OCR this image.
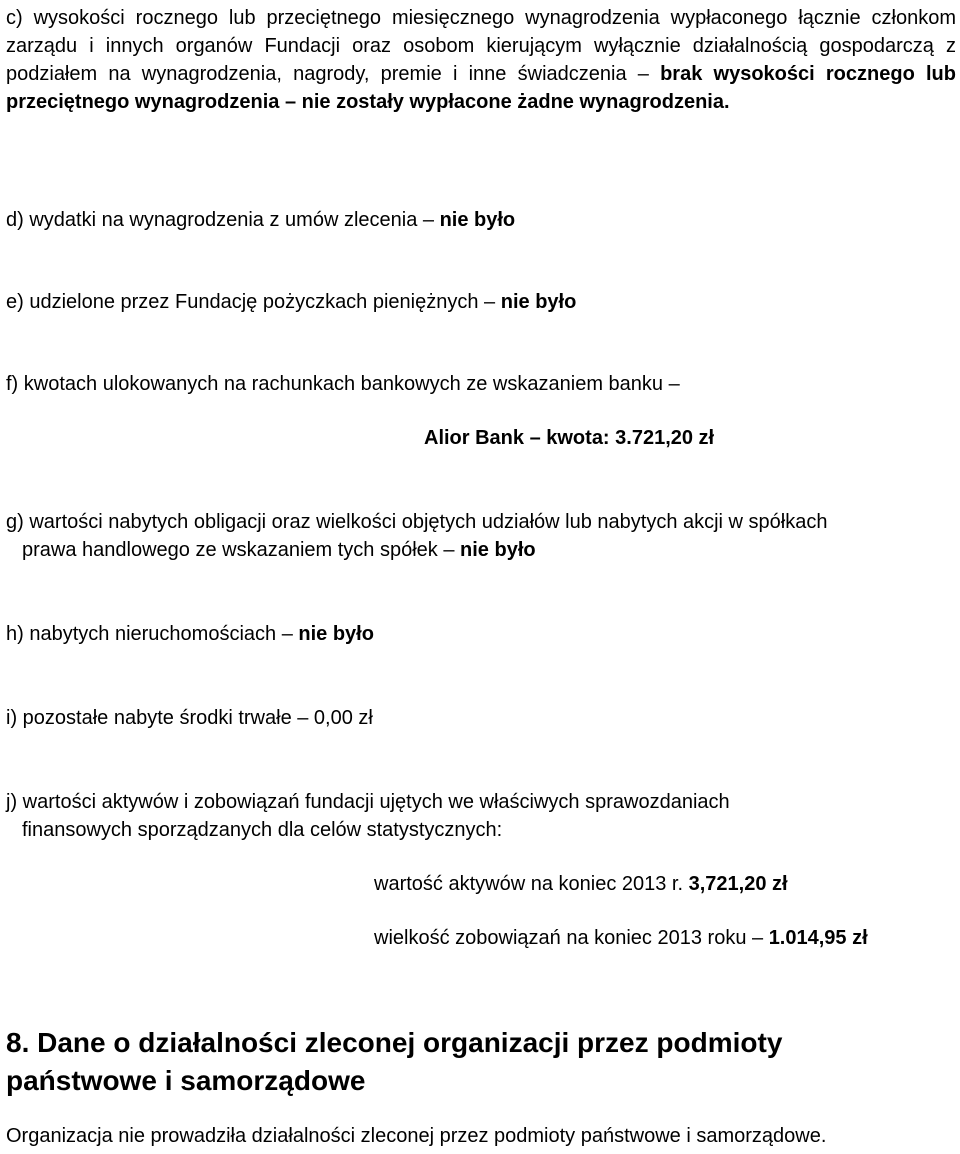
c) wysokości rocznego lub przeciętnego miesięcznego wynagrodzenia wypłaconego łącznie członkom zarządu i innych organów Fundacji oraz osobom kierującym wyłącznie działalnością gospodarczą z podziałem na wynagrodzenia, nagrody, premie i inne świadczenia – brak wysokości rocznego lub przeciętnego wynagrodzenia – nie zostały wypłacone żadne wynagrodzenia.

d) wydatki na wynagrodzenia z umów zlecenia – nie było

e) udzielone przez Fundację pożyczkach pieniężnych – nie było

f) kwotach ulokowanych na rachunkach bankowych ze wskazaniem banku –

Alior Bank – kwota: 3.721,20 zł

g) wartości nabytych obligacji oraz wielkości objętych udziałów lub nabytych akcji w spółkach
prawa handlowego ze wskazaniem tych spółek – nie było

h) nabytych nieruchomościach – nie było

i) pozostałe nabyte środki trwałe – 0,00 zł

j) wartości aktywów i zobowiązań fundacji ujętych we właściwych sprawozdaniach
finansowych sporządzanych dla celów statystycznych:

wartość aktywów na koniec 2013 r. 3,721,20 zł

wielkość zobowiązań na koniec 2013 roku – 1.014,95 zł

8. Dane o działalności zleconej organizacji przez podmioty
państwowe i samorządowe

Organizacja nie prowadziła działalności zleconej przez podmioty państwowe i samorządowe.
